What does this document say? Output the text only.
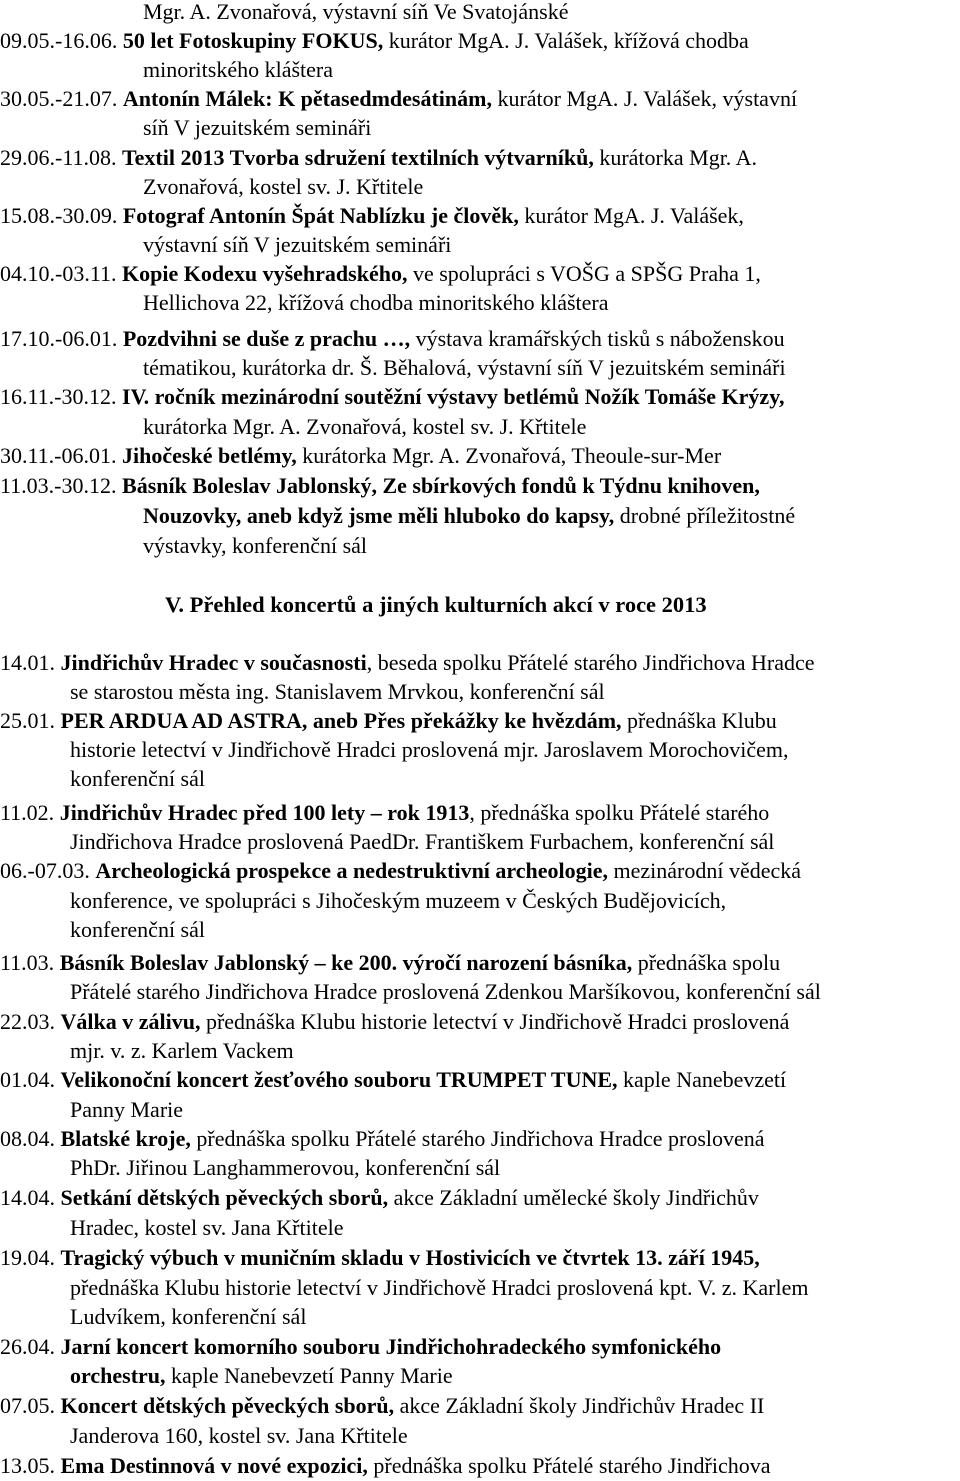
Mgr. A. Zvonařová, výstavní síň Ve Svatojánské
09.05.-16.06. 50 let Fotoskupiny FOKUS, kurátor MgA. J. Valášek, křížová chodba
minoritského kláštera
30.05.-21.07. Antonín Málek: K pětasedmdesátinám, kurátor MgA. J. Valášek, výstavní
síň V jezuitském semináři
29.06.-11.08. Textil 2013 Tvorba sdružení textilních výtvarníků, kurátorka Mgr. A.
Zvonařová, kostel sv. J. Křtitele
15.08.-30.09. Fotograf Antonín Špát Nablízku je člověk, kurátor MgA. J. Valášek,
výstavní síň V jezuitském semináři
04.10.-03.11. Kopie Kodexu vyšehradského, ve spolupráci s VOŠG a SPŠG Praha 1,
Hellichova 22, křížová chodba minoritského kláštera
17.10.-06.01. Pozdvihni se duše z prachu …, výstava kramářských tisků s náboženskou
tématikou, kurátorka dr. Š. Běhalová, výstavní síň V jezuitském semináři
16.11.-30.12. IV. ročník mezinárodní soutěžní výstavy betlémů Nožík Tomáše Krýzy,
kurátorka Mgr. A. Zvonařová, kostel sv. J. Křtitele
30.11.-06.01. Jihočeské betlémy, kurátorka Mgr. A. Zvonařová, Theoule-sur-Mer
11.03.-30.12. Básník Boleslav Jablonský, Ze sbírkových fondů k Týdnu knihoven,
Nouzovky, aneb když jsme měli hluboko do kapsy, drobné příležitostné
výstavky, konferenční sál
V. Přehled koncertů a jiných kulturních akcí v roce 2013
14.01. Jindřichův Hradec v současnosti, beseda spolku Přátelé starého Jindřichova Hradce
se starostou města ing. Stanislavem Mrvkou, konferenční sál
25.01. PER ARDUA AD ASTRA, aneb Přes překážky ke hvězdám, přednáška Klubu
historie letectví v Jindřichově Hradci proslovená mjr. Jaroslavem Morochovičem,
konferenční sál
11.02. Jindřichův Hradec před 100 lety – rok 1913, přednáška spolku Přátelé starého
Jindřichova Hradce proslovená PaedDr. Františkem Furbachem, konferenční sál
06.-07.03. Archeologická prospekce a nedestruktivní archeologie, mezinárodní vědecká
konference, ve spolupráci s Jihočeským muzeem v Českých Budějovicích,
konferenční sál
11.03. Básník Boleslav Jablonský – ke 200. výročí narození básníka, přednáška spolu
Přátelé starého Jindřichova Hradce proslovená Zdenkou Maršíkovou, konferenční sál
22.03. Válka v zálivu, přednáška Klubu historie letectví v Jindřichově Hradci proslovená
mjr. v. z. Karlem Vackem
01.04. Velikonoční koncert žesťového souboru TRUMPET TUNE, kaple Nanebevzetí
Panny Marie
08.04. Blatské kroje, přednáška spolku Přátelé starého Jindřichova Hradce proslovená
PhDr. Jiřinou Langhammerovou, konferenční sál
14.04. Setkání dětských pěveckých sborů, akce Základní umělecké školy Jindřichův
Hradec, kostel sv. Jana Křtitele
19.04. Tragický výbuch v muničním skladu v Hostivicích ve čtvrtek 13. září 1945,
přednáška Klubu historie letectví v Jindřichově Hradci proslovená kpt. V. z. Karlem
Ludvíkem, konferenční sál
26.04. Jarní koncert komorního souboru Jindřichohradeckého symfonického
orchestru, kaple Nanebevzetí Panny Marie
07.05. Koncert dětských pěveckých sborů, akce Základní školy Jindřichův Hradec II
Janderova 160, kostel sv. Jana Křtitele
13.05. Ema Destinnová v nové expozici, přednáška spolku Přátelé starého Jindřichova
